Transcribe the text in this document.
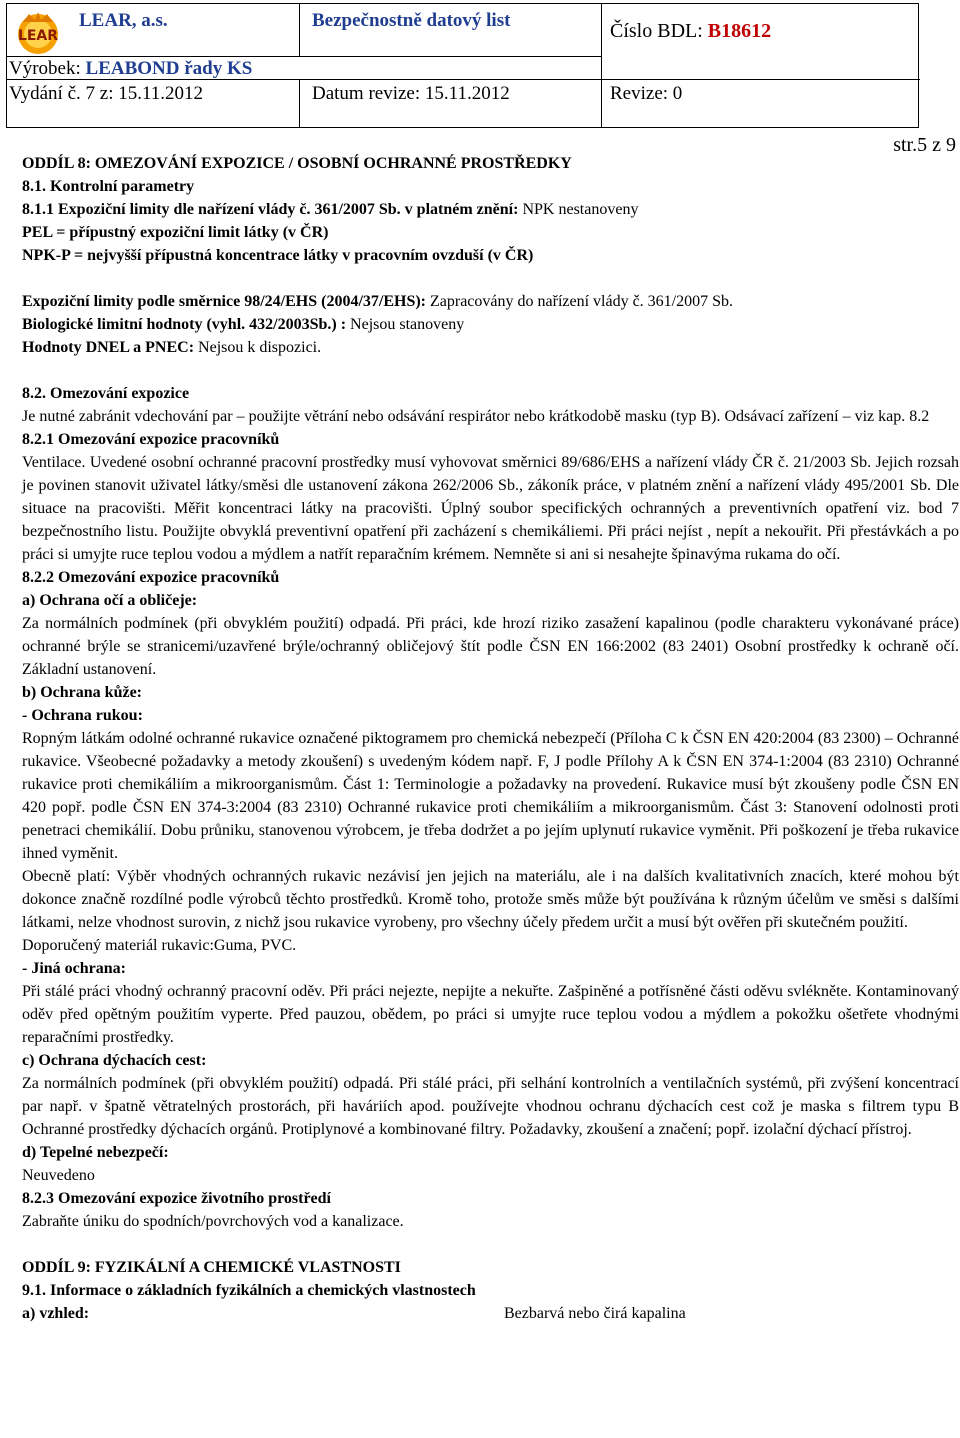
LEAR
LEAR, a.s.	Bezpečnostně datový list	Číslo BDL: B18612
Výrobek: LEABOND řady KS
Vydání č. 7 z: 15.11.2012	Datum revize: 15.11.2012	Revize: 0
str.5 z 9

ODDÍL 8: OMEZOVÁNÍ EXPOZICE / OSOBNÍ OCHRANNÉ PROSTŘEDKY

8.1. Kontrolní parametry

8.1.1 Expoziční limity dle nařízení vlády č. 361/2007 Sb. v platném znění: NPK nestanoveny

PEL = přípustný expoziční limit látky (v ČR)

NPK-P = nejvyšší přípustná koncentrace látky v pracovním ovzduší (v ČR)

Expoziční limity podle směrnice 98/24/EHS (2004/37/EHS): Zapracovány do nařízení vlády č. 361/2007 Sb.

Biologické limitní hodnoty (vyhl. 432/2003Sb.) : Nejsou stanoveny

Hodnoty DNEL a PNEC: Nejsou k dispozici.

8.2. Omezování expozice

Je nutné zabránit vdechování par – použijte větrání nebo odsávání respirátor nebo krátkodobě masku (typ B). Odsávací zařízení – viz kap. 8.2

8.2.1 Omezování expozice pracovníků

Ventilace. Uvedené osobní ochranné pracovní prostředky musí vyhovovat směrnici 89/686/EHS a nařízení vlády ČR č. 21/2003 Sb. Jejich rozsah je povinen stanovit uživatel látky/směsi dle ustanovení zákona 262/2006 Sb., zákoník práce, v platném znění a nařízení vlády 495/2001 Sb. Dle situace na pracovišti. Měřit koncentraci látky na pracovišti. Úplný soubor specifických ochranných a preventivních opatření viz. bod 7 bezpečnostního listu. Použijte obvyklá preventivní opatření při zacházení s chemikáliemi. Při práci nejíst , nepít a nekouřit. Při přestávkách a po práci si umyjte ruce teplou vodou a mýdlem a natřít reparačním krémem. Nemněte si ani si nesahejte špinavýma rukama do očí.

8.2.2 Omezování expozice pracovníků

a) Ochrana očí a obličeje:

Za normálních podmínek (při obvyklém použití) odpadá. Při práci, kde hrozí riziko zasažení kapalinou (podle charakteru vykonávané práce) ochranné brýle se stranicemi/uzavřené brýle/ochranný obličejový štít podle ČSN EN 166:2002 (83 2401) Osobní prostředky k ochraně očí. Základní ustanovení.

b) Ochrana kůže:

- Ochrana rukou:

Ropným látkám odolné ochranné rukavice označené piktogramem pro chemická nebezpečí (Příloha C k ČSN EN 420:2004 (83 2300) – Ochranné rukavice. Všeobecné požadavky a metody zkoušení) s uvedeným kódem např. F, J podle Přílohy A k ČSN EN 374-1:2004 (83 2310) Ochranné rukavice proti chemikáliím a mikroorganismům. Část 1: Terminologie a požadavky na provedení. Rukavice musí být zkoušeny podle ČSN EN 420 popř. podle ČSN EN 374-3:2004 (83 2310) Ochranné rukavice proti chemikáliím a mikroorganismům. Část 3: Stanovení odolnosti proti penetraci chemikálií. Dobu průniku, stanovenou výrobcem, je třeba dodržet a po jejím uplynutí rukavice vyměnit. Při poškození je třeba rukavice ihned vyměnit.

Obecně platí: Výběr vhodných ochranných rukavic nezávisí jen jejich na materiálu, ale i na dalších kvalitativních znacích, které mohou být dokonce značně rozdílné podle výrobců těchto prostředků. Kromě toho, protože směs může být používána k různým účelům ve směsi s dalšími látkami, nelze vhodnost surovin, z nichž jsou rukavice vyrobeny, pro všechny účely předem určit a musí být ověřen při skutečném použití.

Doporučený materiál rukavic:Guma, PVC.

- Jiná ochrana:

Při stálé práci vhodný ochranný pracovní oděv. Při práci nejezte, nepijte a nekuřte. Zašpiněné a potřísněné části oděvu svlékněte. Kontaminovaný oděv před opětným použitím vyperte. Před pauzou, obědem, po práci si umyjte ruce teplou vodou a mýdlem a pokožku ošetřete vhodnými reparačními prostředky.

c) Ochrana dýchacích cest:

Za normálních podmínek (při obvyklém použití) odpadá. Při stálé práci, při selhání kontrolních a ventilačních systémů, při zvýšení koncentrací par např. v špatně větratelných prostorách, při haváriích apod. používejte vhodnou ochranu dýchacích cest což je maska s filtrem typu B Ochranné prostředky dýchacích orgánů. Protiplynové a kombinované filtry. Požadavky, zkoušení a značení; popř. izolační dýchací přístroj.

d) Tepelné nebezpečí:

Neuvedeno

8.2.3 Omezování expozice životního prostředí

Zabraňte úniku do spodních/povrchových vod a kanalizace.

ODDÍL 9: FYZIKÁLNÍ A CHEMICKÉ VLASTNOSTI

9.1. Informace o základních fyzikálních a chemických vlastnostech

a) vzhled:	Bezbarvá nebo čirá kapalina
